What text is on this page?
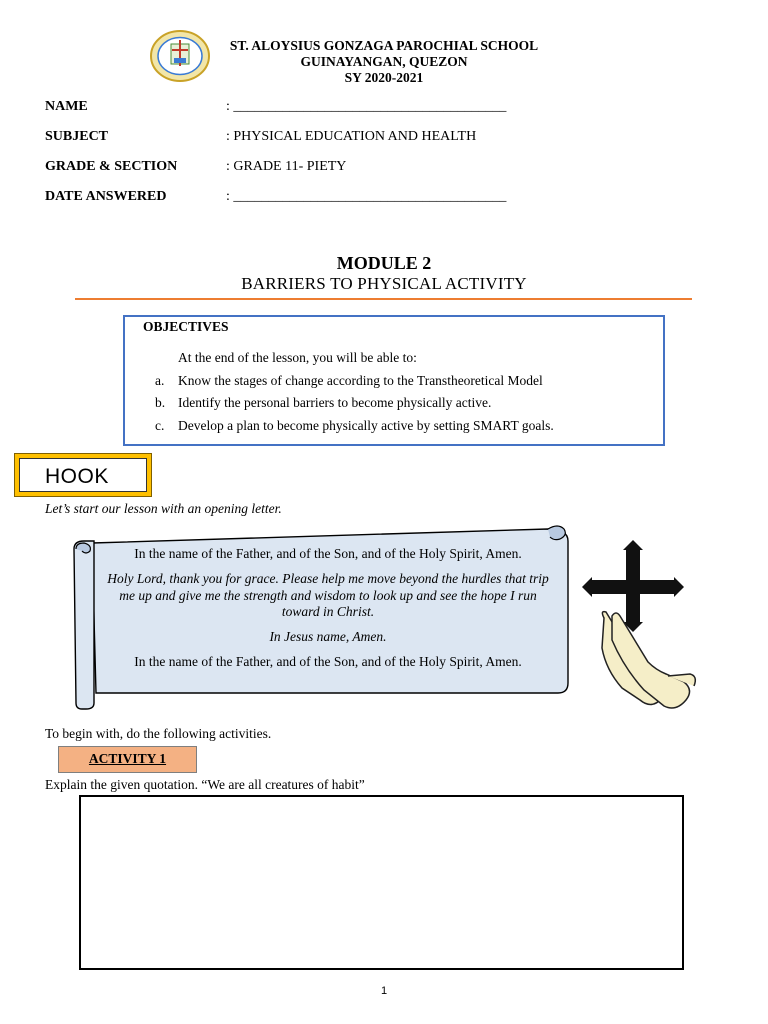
ST. ALOYSIUS GONZAGA PAROCHIAL SCHOOL
GUINAYANGAN, QUEZON
SY 2020-2021
NAME	: _______________________________________
SUBJECT	: PHYSICAL EDUCATION AND HEALTH
GRADE & SECTION	: GRADE 11- PIETY
DATE ANSWERED	: _______________________________________
MODULE 2
BARRIERS TO PHYSICAL ACTIVITY
OBJECTIVES
At the end of the lesson, you will be able to:
a. Know the stages of change according to the Transtheoretical Model
b. Identify the personal barriers to become physically active.
c. Develop a plan to become physically active by setting SMART goals.
HOOK
Let’s start our lesson with an opening letter.
In the name of the Father, and of the Son, and of the Holy Spirit, Amen.
Holy Lord, thank you for grace. Please help me move beyond the hurdles that trip me up and give me the strength and wisdom to look up and see the hope I run toward in Christ.
In Jesus name, Amen.
In the name of the Father, and of the Son, and of the Holy Spirit, Amen.
To begin with, do the following activities.
ACTIVITY 1
Explain the given quotation. “We are all creatures of habit”
1
